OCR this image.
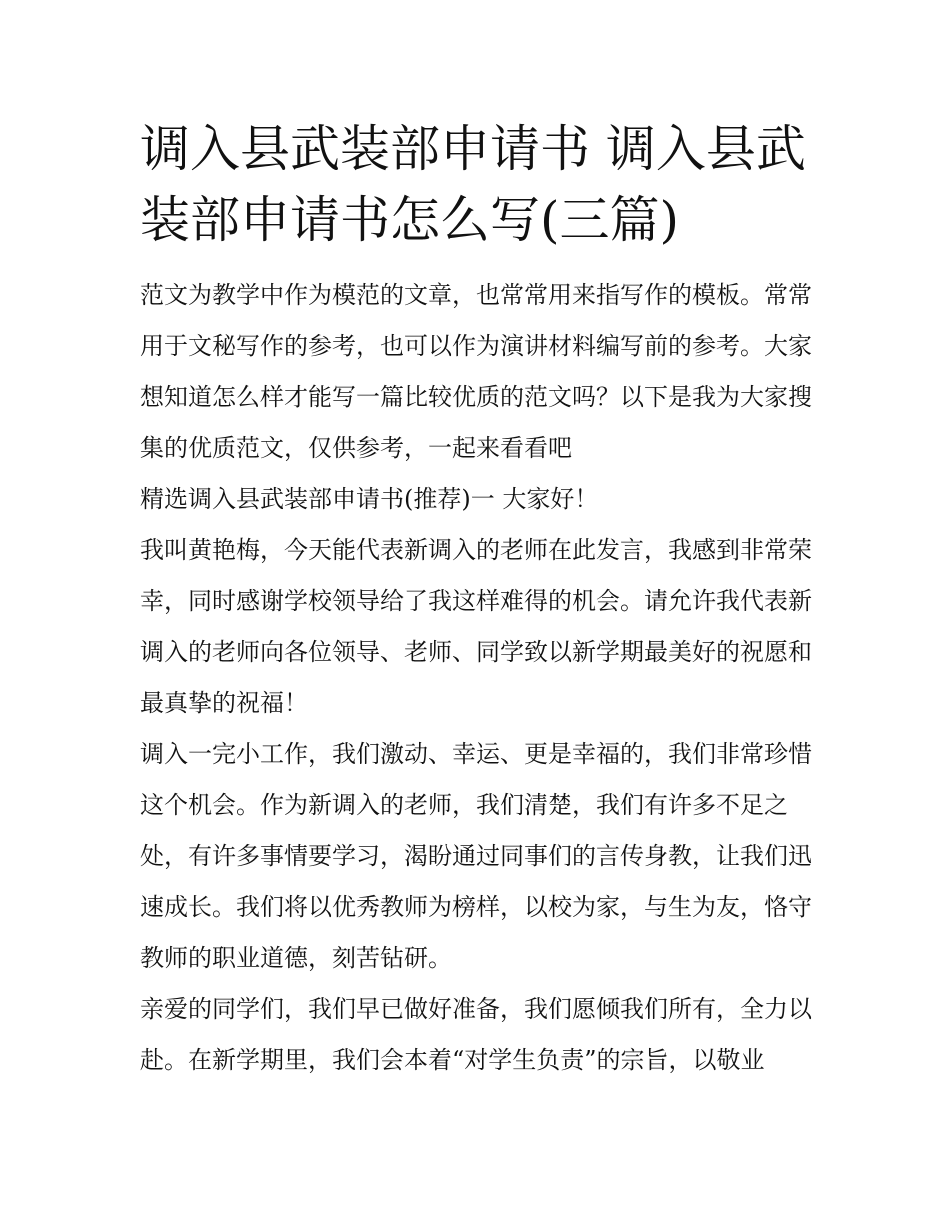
调入县武装部申请书 调入县武装部申请书怎么写(三篇)

范文为教学中作为模范的文章，也常常用来指写作的模板。常常用于文秘写作的参考，也可以作为演讲材料编写前的参考。大家想知道怎么样才能写一篇比较优质的范文吗？以下是我为大家搜集的优质范文，仅供参考，一起来看看吧

精选调入县武装部申请书(推荐)一 大家好！

我叫黄艳梅，今天能代表新调入的老师在此发言，我感到非常荣幸，同时感谢学校领导给了我这样难得的机会。请允许我代表新调入的老师向各位领导、老师、同学致以新学期最美好的祝愿和最真挚的祝福！

调入一完小工作，我们激动、幸运、更是幸福的，我们非常珍惜这个机会。作为新调入的老师，我们清楚，我们有许多不足之处，有许多事情要学习，渴盼通过同事们的言传身教，让我们迅速成长。我们将以优秀教师为榜样，以校为家，与生为友，恪守教师的职业道德，刻苦钻研。

亲爱的同学们，我们早已做好准备，我们愿倾我们所有，全力以赴。在新学期里，我们会本着“对学生负责”的宗旨，以敬业
